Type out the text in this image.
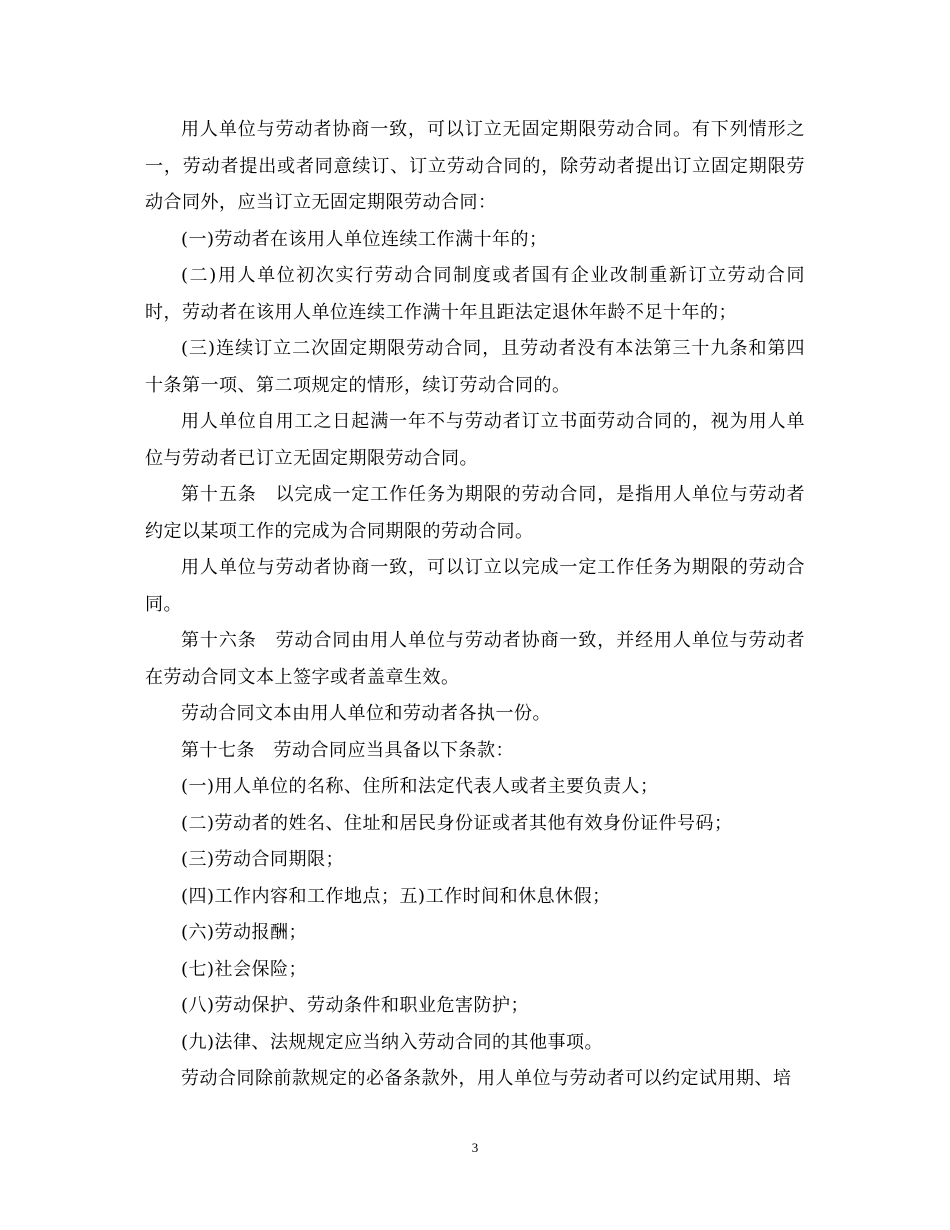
用人单位与劳动者协商一致，可以订立无固定期限劳动合同。有下列情形之一，劳动者提出或者同意续订、订立劳动合同的，除劳动者提出订立固定期限劳动合同外，应当订立无固定期限劳动合同：

(一)劳动者在该用人单位连续工作满十年的；

(二)用人单位初次实行劳动合同制度或者国有企业改制重新订立劳动合同时，劳动者在该用人单位连续工作满十年且距法定退休年龄不足十年的；

(三)连续订立二次固定期限劳动合同，且劳动者没有本法第三十九条和第四十条第一项、第二项规定的情形，续订劳动合同的。

用人单位自用工之日起满一年不与劳动者订立书面劳动合同的，视为用人单位与劳动者已订立无固定期限劳动合同。

第十五条　以完成一定工作任务为期限的劳动合同，是指用人单位与劳动者约定以某项工作的完成为合同期限的劳动合同。

用人单位与劳动者协商一致，可以订立以完成一定工作任务为期限的劳动合同。

第十六条　劳动合同由用人单位与劳动者协商一致，并经用人单位与劳动者在劳动合同文本上签字或者盖章生效。

劳动合同文本由用人单位和劳动者各执一份。

第十七条　劳动合同应当具备以下条款：

(一)用人单位的名称、住所和法定代表人或者主要负责人；

(二)劳动者的姓名、住址和居民身份证或者其他有效身份证件号码；

(三)劳动合同期限；

(四)工作内容和工作地点；五)工作时间和休息休假；

(六)劳动报酬；

(七)社会保险；

(八)劳动保护、劳动条件和职业危害防护；

(九)法律、法规规定应当纳入劳动合同的其他事项。

劳动合同除前款规定的必备条款外，用人单位与劳动者可以约定试用期、培

3
